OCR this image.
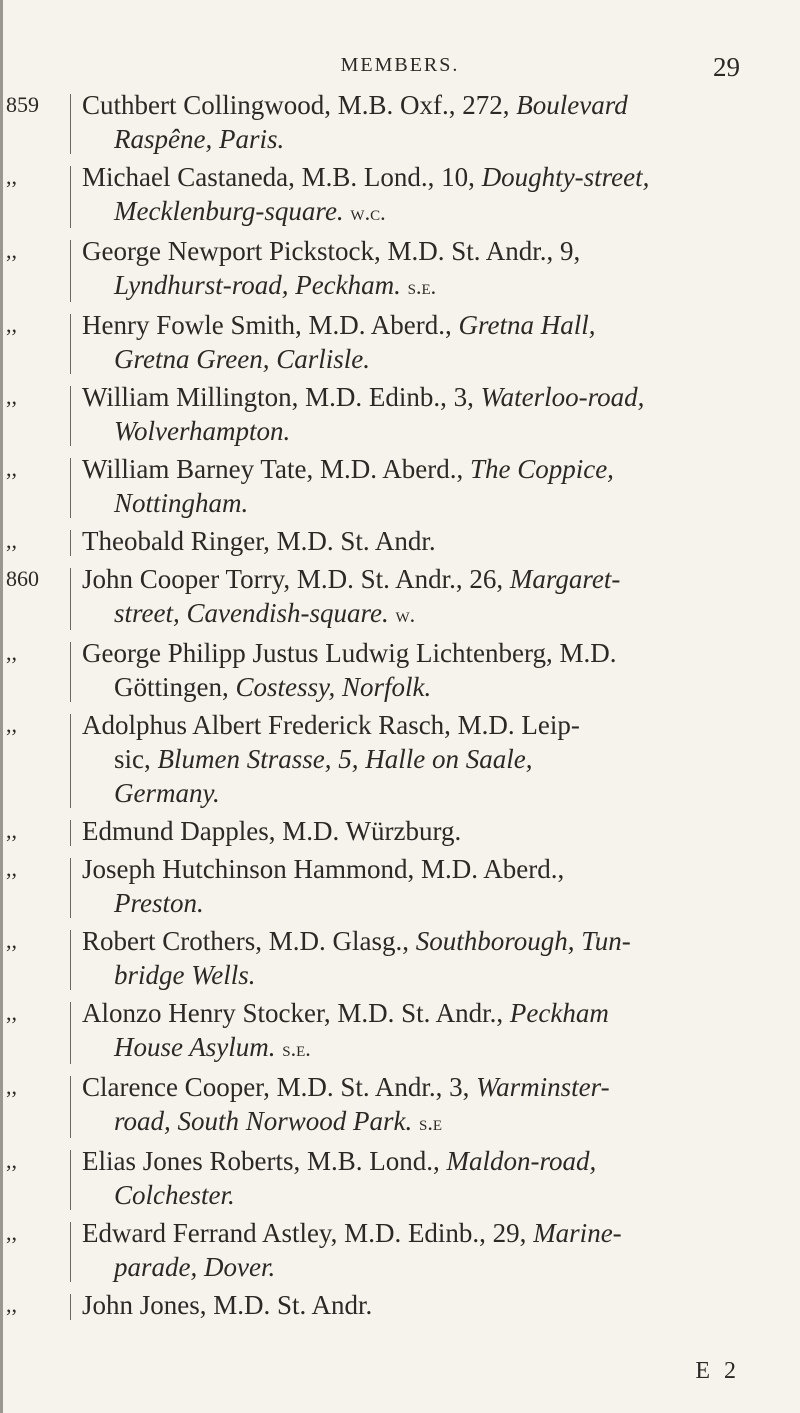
MEMBERS.	29
859	Cuthbert Collingwood, M.B. Oxf., 272, Boulevard
Raspêne, Paris.
,,	Michael Castaneda, M.B. Lond., 10, Doughty-street,
Mecklenburg-square. w.c.
,,	George Newport Pickstock, M.D. St. Andr., 9,
Lyndhurst-road, Peckham. s.e.
,,	Henry Fowle Smith, M.D. Aberd., Gretna Hall,
Gretna Green, Carlisle.
,,	William Millington, M.D. Edinb., 3, Waterloo-road,
Wolverhampton.
,,	William Barney Tate, M.D. Aberd., The Coppice,
Nottingham.
,,	Theobald Ringer, M.D. St. Andr.
860	John Cooper Torry, M.D. St. Andr., 26, Margaret-
street, Cavendish-square. w.
,,	George Philipp Justus Ludwig Lichtenberg, M.D.
Göttingen, Costessy, Norfolk.
,,	Adolphus Albert Frederick Rasch, M.D. Leip-
sic, Blumen Strasse, 5, Halle on Saale,
Germany.
,,	Edmund Dapples, M.D. Würzburg.
,,	Joseph Hutchinson Hammond, M.D. Aberd.,
Preston.
,,	Robert Crothers, M.D. Glasg., Southborough, Tun-
bridge Wells.
,,	Alonzo Henry Stocker, M.D. St. Andr., Peckham
House Asylum. s.e.
,,	Clarence Cooper, M.D. St. Andr., 3, Warminster-
road, South Norwood Park. s.e
,,	Elias Jones Roberts, M.B. Lond., Maldon-road,
Colchester.
,,	Edward Ferrand Astley, M.D. Edinb., 29, Marine-
parade, Dover.
,,	John Jones, M.D. St. Andr.
E 2
